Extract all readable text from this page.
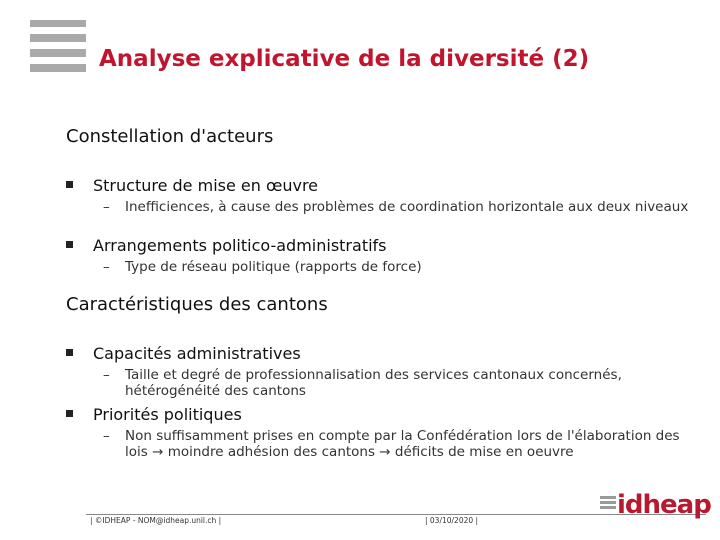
Analyse explicative de la diversité (2)
Constellation d'acteurs
Structure de mise en œuvre
–	Inefficiences, à cause des problèmes de coordination horizontale aux deux niveaux
Arrangements politico-administratifs
–	Type de réseau politique (rapports de force)
Caractéristiques des cantons
Capacités administratives
–	Taille et degré de professionnalisation des services cantonaux concernés, hétérogénéité des cantons
Priorités politiques
–	Non suffisamment prises en compte par la Confédération lors de l'élaboration des lois → moindre adhésion des cantons → déficits de mise en oeuvre
| ©IDHEAP - NOM@idheap.unil.ch |	| 03/10/2020 |
idheap
